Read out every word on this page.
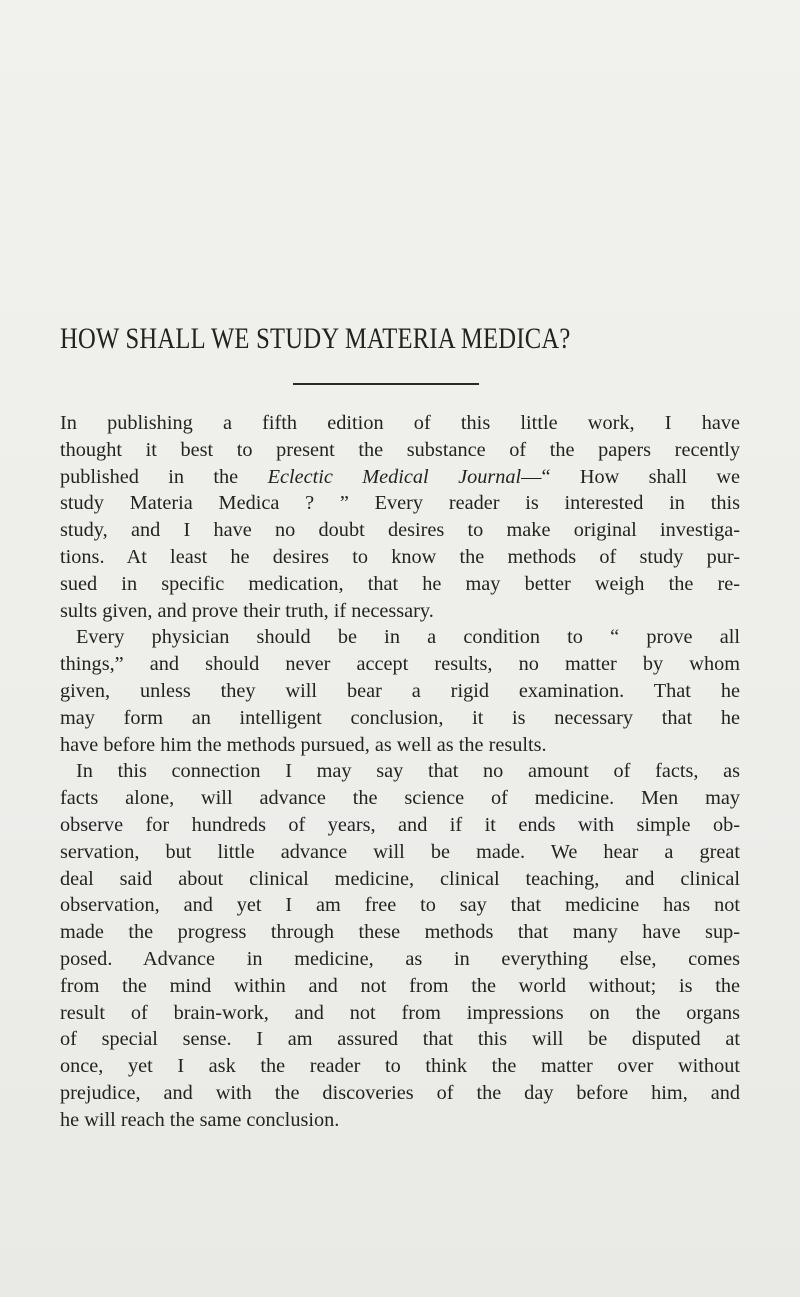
HOW SHALL WE STUDY MATERIA MEDICA?
In publishing a fifth edition of this little work, I have
thought it best to present the substance of the papers recently
published in the Eclectic Medical Journal—“ How shall we
study Materia Medica ? ” Every reader is interested in this
study, and I have no doubt desires to make original investiga-
tions. At least he desires to know the methods of study pur-
sued in specific medication, that he may better weigh the re-
sults given, and prove their truth, if necessary.
Every physician should be in a condition to “ prove all
things,” and should never accept results, no matter by whom
given, unless they will bear a rigid examination. That he
may form an intelligent conclusion, it is necessary that he
have before him the methods pursued, as well as the results.
In this connection I may say that no amount of facts, as
facts alone, will advance the science of medicine. Men may
observe for hundreds of years, and if it ends with simple ob-
servation, but little advance will be made. We hear a great
deal said about clinical medicine, clinical teaching, and clinical
observation, and yet I am free to say that medicine has not
made the progress through these methods that many have sup-
posed. Advance in medicine, as in everything else, comes
from the mind within and not from the world without; is the
result of brain-work, and not from impressions on the organs
of special sense. I am assured that this will be disputed at
once, yet I ask the reader to think the matter over without
prejudice, and with the discoveries of the day before him, and
he will reach the same conclusion.
